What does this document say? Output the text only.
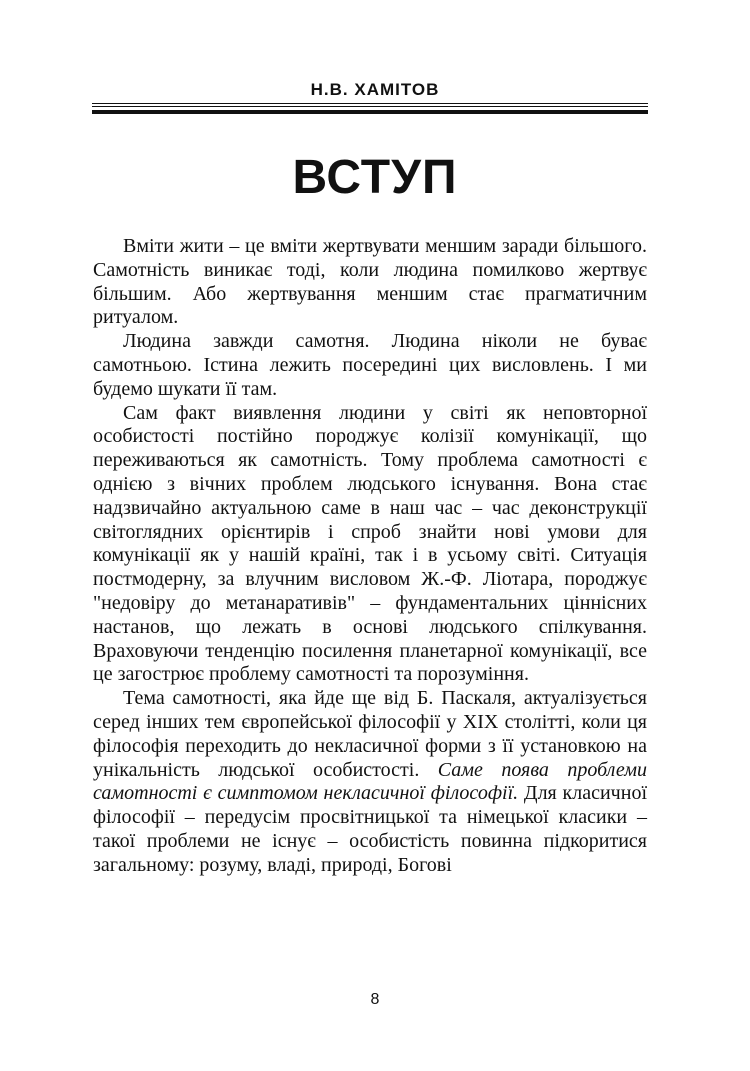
Н.В. ХАМІТОВ
ВСТУП

Вміти жити – це вміти жертвувати меншим заради більшого. Самотність виникає тоді, коли людина помилково жертвує більшим. Або жертвування меншим стає прагматичним ритуалом.

Людина завжди самотня. Людина ніколи не буває самотньою. Істина лежить посередині цих висловлень. І ми будемо шукати її там.

Сам факт виявлення людини у світі як неповторної особистості постійно породжує колізії комунікації, що переживаються як самотність. Тому проблема самотності є однією з вічних проблем людського існування. Вона стає надзвичайно актуальною саме в наш час – час деконструкції світоглядних орієнтирів і спроб знайти нові умови для комунікації як у нашій країні, так і в усьому світі. Ситуація постмодерну, за влучним висловом Ж.-Ф. Ліотара, породжує "недовіру до метанаративів" – фундаментальних ціннісних настанов, що лежать в основі людського спілкування. Враховуючи тенденцію посилення планетарної комунікації, все це загострює проблему самотності та порозуміння.

Тема самотності, яка йде ще від Б. Паскаля, актуалізується серед інших тем європейської філософії у XIX столітті, коли ця філософія переходить до некласичної форми з її установкою на унікальність людської особистості. Саме поява проблеми самотності є симптомом некласичної філософії. Для класичної філософії – передусім просвітницької та німецької класики – такої проблеми не існує – особистість повинна підкоритися загальному: розуму, владі, природі, Богові

8
